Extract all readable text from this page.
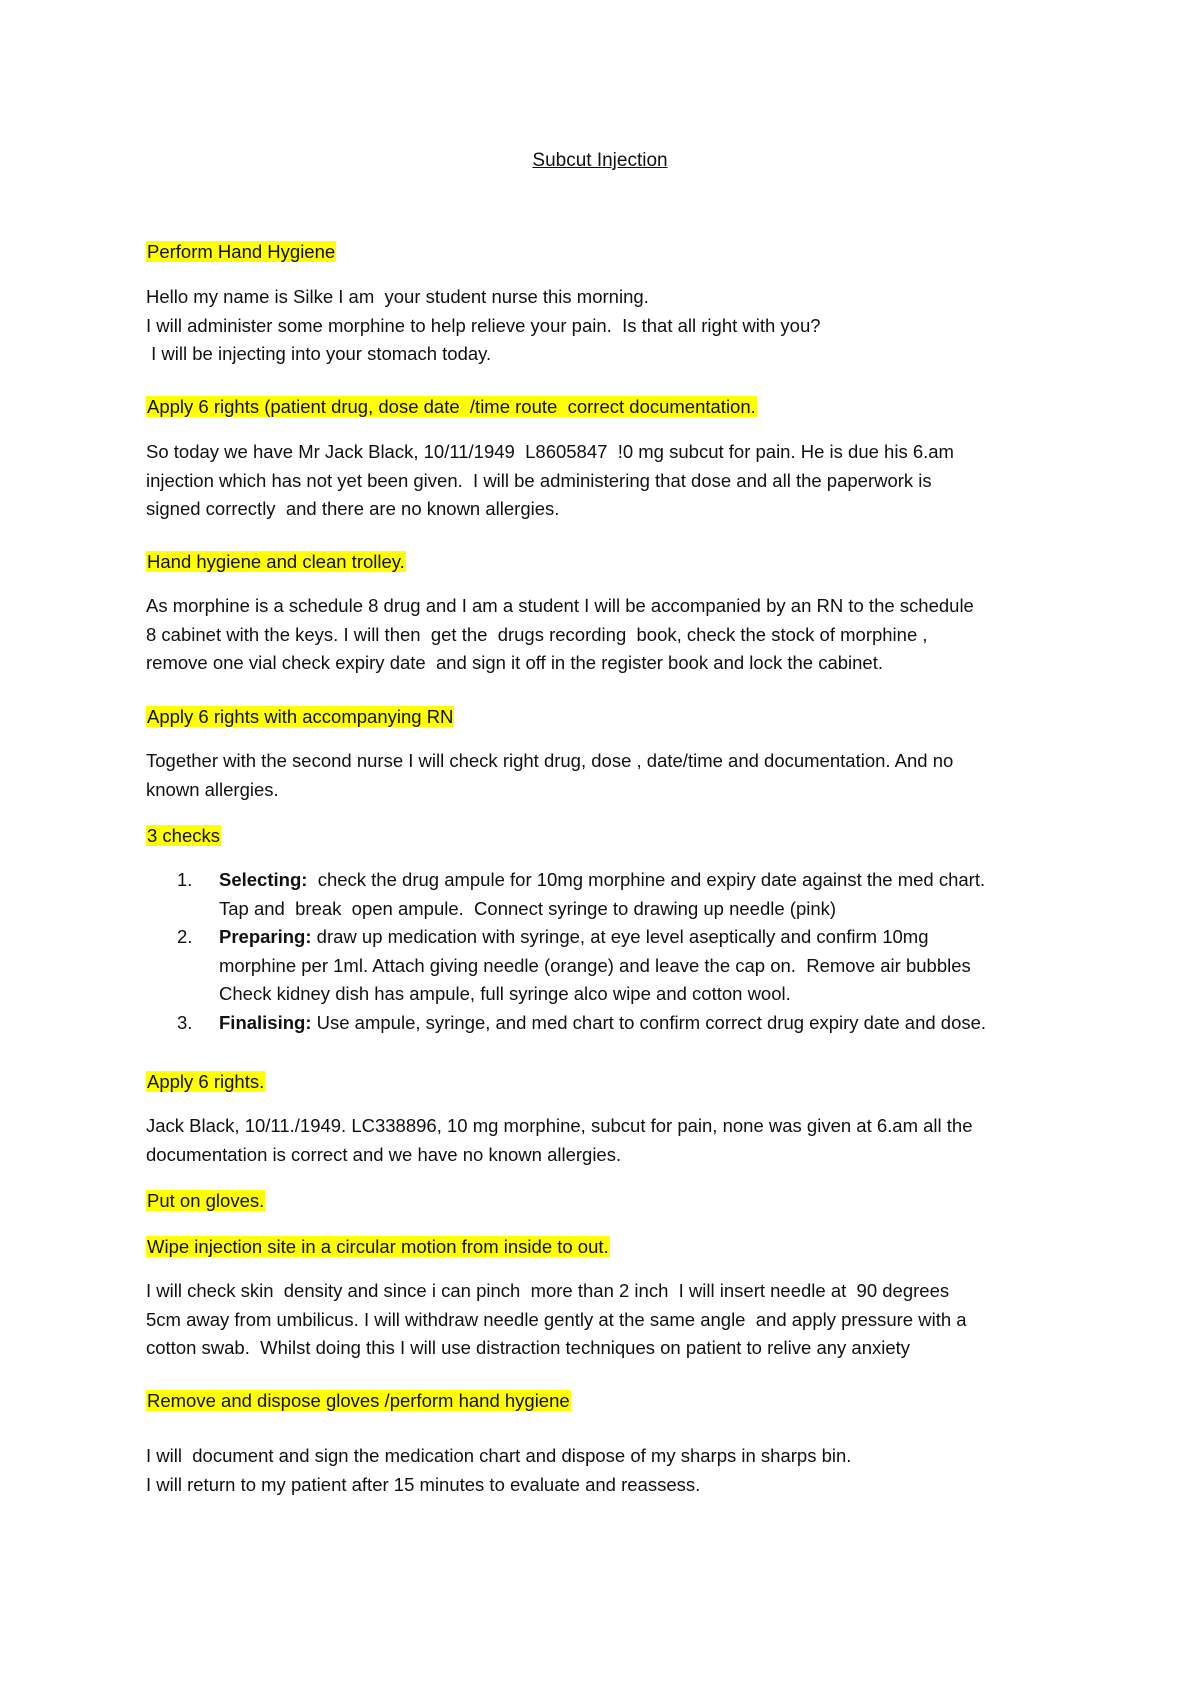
Subcut Injection
Perform Hand Hygiene
Hello my name is Silke I am  your student nurse this morning.
I will administer some morphine to help relieve your pain.  Is that all right with you?
I will be injecting into your stomach today.
Apply 6 rights (patient drug, dose date  /time route  correct documentation.
So today we have Mr Jack Black, 10/11/1949  L8605847  !0 mg subcut for pain. He is due his 6.am
injection which has not yet been given.  I will be administering that dose and all the paperwork is
signed correctly  and there are no known allergies.
Hand hygiene and clean trolley.
As morphine is a schedule 8 drug and I am a student I will be accompanied by an RN to the schedule
8 cabinet with the keys. I will then  get the  drugs recording  book, check the stock of morphine ,
remove one vial check expiry date  and sign it off in the register book and lock the cabinet.
Apply 6 rights with accompanying RN
Together with the second nurse I will check right drug, dose , date/time and documentation. And no
known allergies.
3 checks
1. Selecting:  check the drug ampule for 10mg morphine and expiry date against the med chart.
Tap and  break  open ampule.  Connect syringe to drawing up needle (pink)
2. Preparing: draw up medication with syringe, at eye level aseptically and confirm 10mg
morphine per 1ml. Attach giving needle (orange) and leave the cap on.  Remove air bubbles
Check kidney dish has ampule, full syringe alco wipe and cotton wool.
3. Finalising: Use ampule, syringe, and med chart to confirm correct drug expiry date and dose.
Apply 6 rights.
Jack Black, 10/11./1949. LC338896, 10 mg morphine, subcut for pain, none was given at 6.am all the
documentation is correct and we have no known allergies.
Put on gloves.
Wipe injection site in a circular motion from inside to out.
I will check skin  density and since i can pinch  more than 2 inch  I will insert needle at  90 degrees
5cm away from umbilicus. I will withdraw needle gently at the same angle  and apply pressure with a
cotton swab.  Whilst doing this I will use distraction techniques on patient to relive any anxiety
Remove and dispose gloves /perform hand hygiene
I will  document and sign the medication chart and dispose of my sharps in sharps bin.
I will return to my patient after 15 minutes to evaluate and reassess.
